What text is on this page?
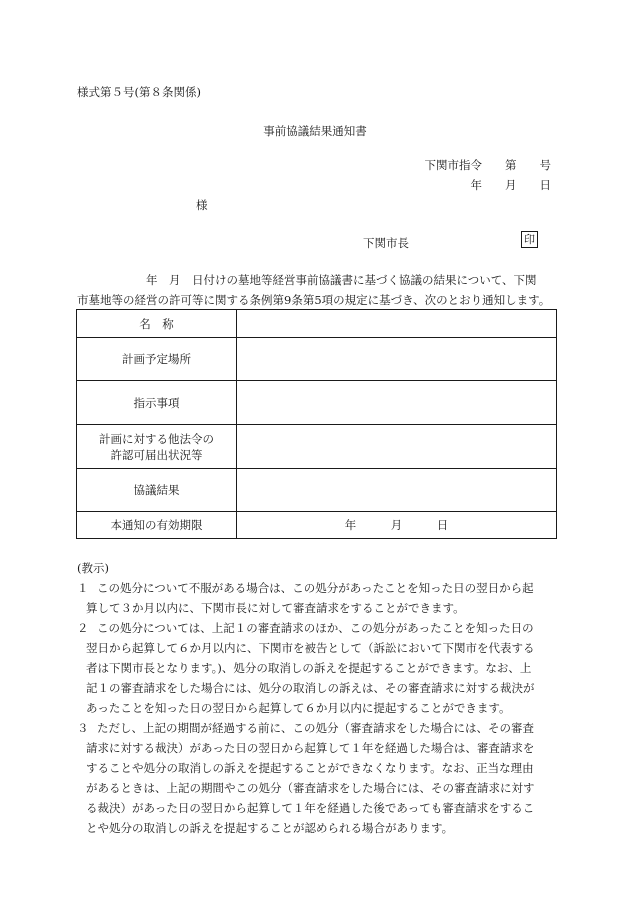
様式第５号(第８条関係)
事前協議結果通知書
下関市指令　　第　　号
年　　月　　日
様
下関市長	印

　　　　　　年　月　日付けの墓地等経営事前協議書に基づく協議の結果について、下関

市墓地等の経営の許可等に関する条例第9条第5項の規定に基づき、次のとおり通知します。

名　称	
計画予定場所	
指示事項	

計画に対する他法令の
許認可届出状況等	

協議結果	
本通知の有効期限	年　　　月　　　日

(教示)

１ この処分について不服がある場合は、この処分があったことを知った日の翌日から起

算して３か月以内に、下関市長に対して審査請求をすることができます。

２ この処分については、上記１の審査請求のほか、この処分があったことを知った日の

翌日から起算して６か月以内に、下関市を被告として（訴訟において下関市を代表する

者は下関市長となります。)、処分の取消しの訴えを提起することができます。なお、上

記１の審査請求をした場合には、処分の取消しの訴えは、その審査請求に対する裁決が

あったことを知った日の翌日から起算して６か月以内に提起することができます。

３ ただし、上記の期間が経過する前に、この処分（審査請求をした場合には、その審査

請求に対する裁決）があった日の翌日から起算して１年を経過した場合は、審査請求を

することや処分の取消しの訴えを提起することができなくなります。なお、正当な理由

があるときは、上記の期間やこの処分（審査請求をした場合には、その審査請求に対す

る裁決）があった日の翌日から起算して１年を経過した後であっても審査請求をするこ

とや処分の取消しの訴えを提起することが認められる場合があります。
